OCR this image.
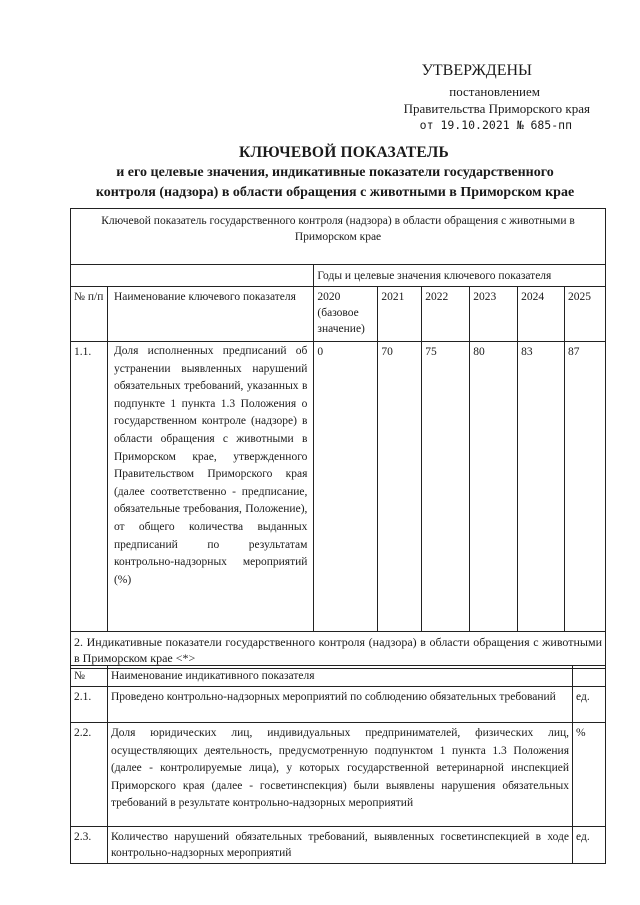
УТВЕРЖДЕНЫ
постановлением
Правительства Приморского края
от 19.10.2021 № 685-пп
КЛЮЧЕВОЙ ПОКАЗАТЕЛЬ
и его целевые значения, индикативные показатели государственного
контроля (надзора) в области обращения с животными в Приморском крае
Ключевой показатель государственного контроля (надзора) в области обращения с животными в Приморском крае							
		Годы и целевые значения ключевого показателя					
№ п/п	Наименование ключевого показателя	2020 (базовое значение)	2021	2022	2023	2024	2025
1.1.	Доля исполненных предписаний об устранении выявленных нарушений обязательных требований, указанных в подпункте 1 пункта 1.3 Положения о государственном контроле (надзоре) в области обращения с животными в Приморском крае, утвержденного Правительством Приморского края (далее соответственно - предписание, обязательные требования, Положение), от общего количества выданных предписаний по результатам контрольно-надзорных мероприятий (%)	0	70	75	80	83	87
2. Индикативные показатели государственного контроля (надзора) в области обращения с животными в Приморском крае <*>							
№	Наименование индикативного показателя	
2.1.	Проведено контрольно-надзорных мероприятий по соблюдению обязательных требований	ед.
2.2.	Доля юридических лиц, индивидуальных предпринимателей, физических лиц, осуществляющих деятельность, предусмотренную подпунктом 1 пункта 1.3 Положения (далее - контролируемые лица), у которых государственной ветеринарной инспекцией Приморского края (далее - госветинспекция) были выявлены нарушения обязательных требований в результате контрольно-надзорных мероприятий	%
2.3.	Количество нарушений обязательных требований, выявленных госветинспекцией в ходе контрольно-надзорных мероприятий	ед.
